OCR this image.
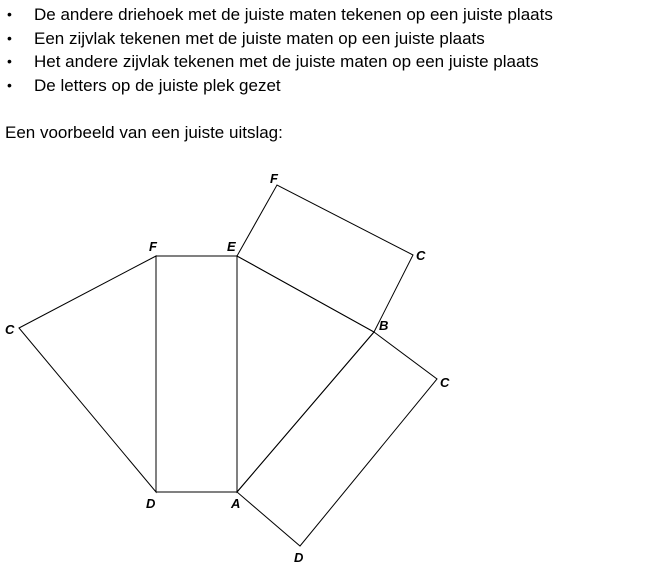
• De andere driehoek met de juiste maten tekenen op een juiste plaats
• Een zijvlak tekenen met de juiste maten op een juiste plaats
• Het andere zijvlak tekenen met de juiste maten op een juiste plaats
• De letters op de juiste plek gezet
Een voorbeeld van een juiste uitslag:
F
C
F	E
C	B
C
D	A
D
